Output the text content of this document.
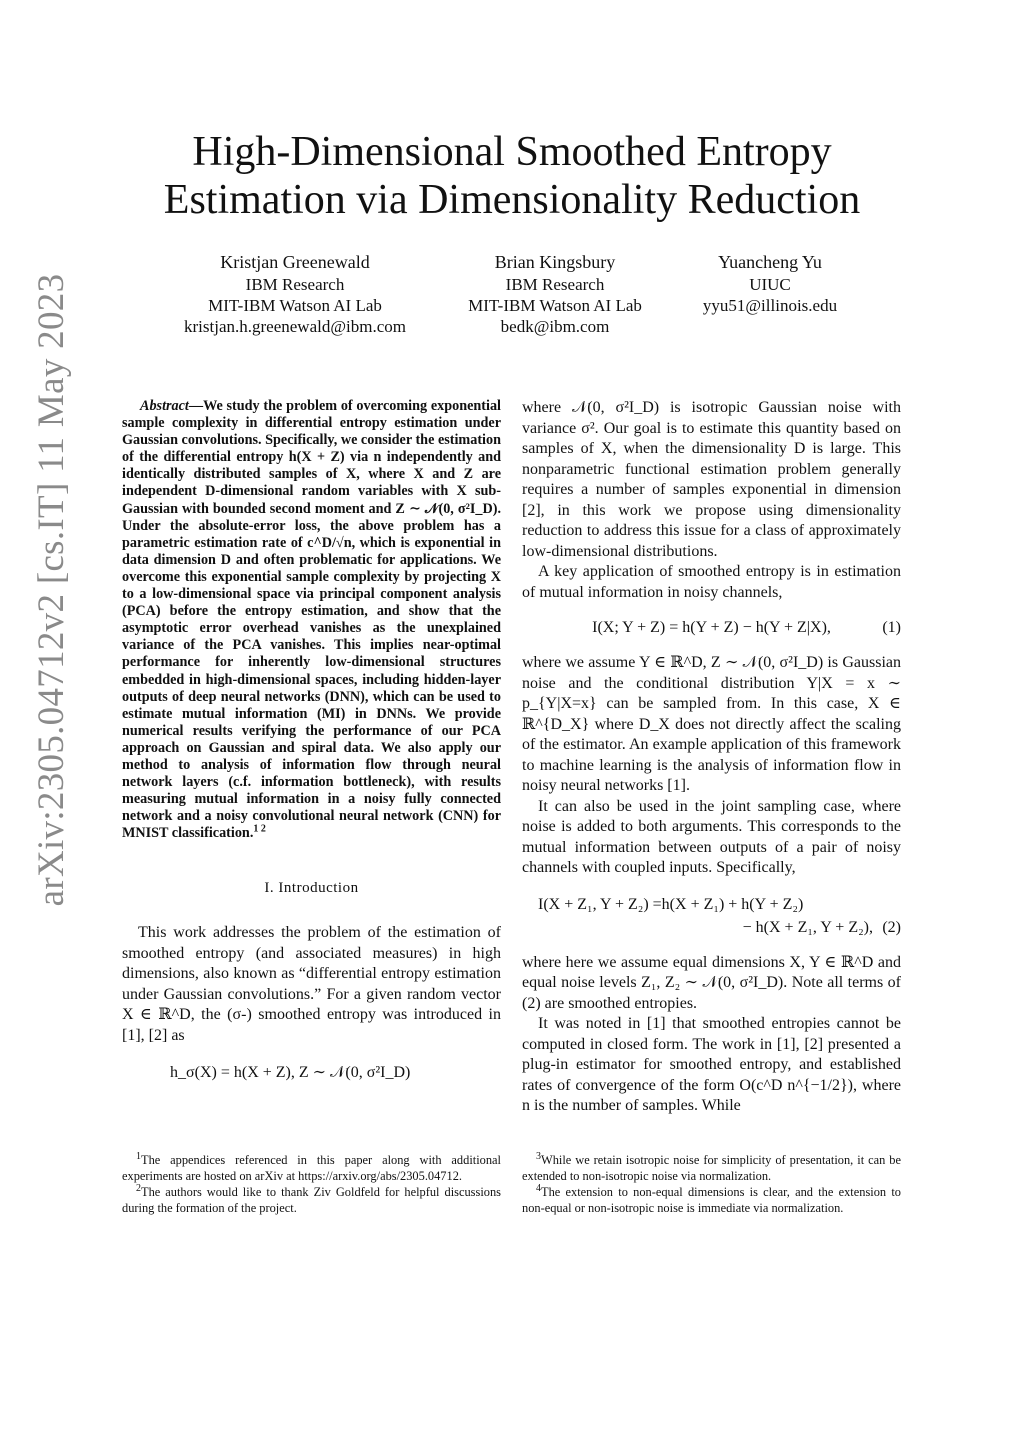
arXiv:2305.04712v2 [cs.IT] 11 May 2023
High-Dimensional Smoothed Entropy Estimation via Dimensionality Reduction
Kristjan Greenewald
IBM Research
MIT-IBM Watson AI Lab
kristjan.h.greenewald@ibm.com
Brian Kingsbury
IBM Research
MIT-IBM Watson AI Lab
bedk@ibm.com
Yuancheng Yu
UIUC
yyu51@illinois.edu

Abstract—We study the problem of overcoming exponential sample complexity in differential entropy estimation under Gaussian convolutions. Specifically, we consider the estimation of the differential entropy h(X + Z) via n independently and identically distributed samples of X, where X and Z are independent D-dimensional random variables with X sub-Gaussian with bounded second moment and Z ∼ 𝒩(0, σ²I_D). Under the absolute-error loss, the above problem has a parametric estimation rate of c^D/√n, which is exponential in data dimension D and often problematic for applications. We overcome this exponential sample complexity by projecting X to a low-dimensional space via principal component analysis (PCA) before the entropy estimation, and show that the asymptotic error overhead vanishes as the unexplained variance of the PCA vanishes. This implies near-optimal performance for inherently low-dimensional structures embedded in high-dimensional spaces, including hidden-layer outputs of deep neural networks (DNN), which can be used to estimate mutual information (MI) in DNNs. We provide numerical results verifying the performance of our PCA approach on Gaussian and spiral data. We also apply our method to analysis of information flow through neural network layers (c.f. information bottleneck), with results measuring mutual information in a noisy fully connected network and a noisy convolutional neural network (CNN) for MNIST classification.$^{1 2}$

I. Introduction

This work addresses the problem of the estimation of smoothed entropy (and associated measures) in high dimensions, also known as “differential entropy estimation under Gaussian convolutions.” For a given random vector X ∈ ℝ^D, the (σ-) smoothed entropy was introduced in [1], [2] as

h_σ(X) = h(X + Z), Z ∼ 𝒩(0, σ²I_D)

where 𝒩(0, σ²I_D) is isotropic Gaussian noise with variance σ². Our goal is to estimate this quantity based on samples of X, when the dimensionality D is large. This nonparametric functional estimation problem generally requires a number of samples exponential in dimension [2], in this work we propose using dimensionality reduction to address this issue for a class of approximately low-dimensional distributions.

A key application of smoothed entropy is in estimation of mutual information in noisy channels,

I(X; Y + Z) = h(Y + Z) − h(Y + Z|X),	(1)

where we assume Y ∈ ℝ^D, Z ∼ 𝒩(0, σ²I_D) is Gaussian noise and the conditional distribution Y|X = x ∼ p_{Y|X=x} can be sampled from. In this case, X ∈ ℝ^{D_X} where D_X does not directly affect the scaling of the estimator. An example application of this framework to machine learning is the analysis of information flow in noisy neural networks [1].

It can also be used in the joint sampling case, where noise is added to both arguments. This corresponds to the mutual information between outputs of a pair of noisy channels with coupled inputs. Specifically,

I(X + Z₁, Y + Z₂) =h(X + Z₁) + h(Y + Z₂)
− h(X + Z₁, Y + Z₂), (2)

where here we assume equal dimensions X, Y ∈ ℝ^D and equal noise levels Z₁, Z₂ ∼ 𝒩(0, σ²I_D). Note all terms of (2) are smoothed entropies.

It was noted in [1] that smoothed entropies cannot be computed in closed form. The work in [1], [2] presented a plug-in estimator for smoothed entropy, and established rates of convergence of the form O(c^D n^{−1/2}), where n is the number of samples. While

$^1$The appendices referenced in this paper along with additional experiments are hosted on arXiv at https://arxiv.org/abs/2305.04712.

$^2$The authors would like to thank Ziv Goldfeld for helpful discussions during the formation of the project.

$^3$While we retain isotropic noise for simplicity of presentation, it can be extended to non-isotropic noise via normalization.

$^4$The extension to non-equal dimensions is clear, and the extension to non-equal or non-isotropic noise is immediate via normalization.
